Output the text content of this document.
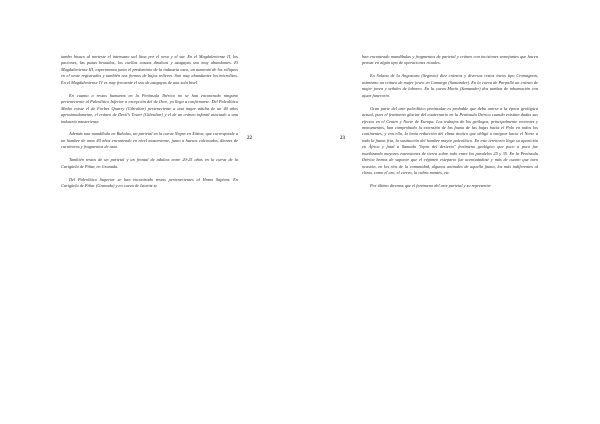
tambo bisaco al norteste el intensano ual litoa por el oeso y el sur. En el Magdaleniense II, los paciones, las puzas brotados, los cuellas casuas dindicas y azagayas son muy abundantes. El Magdaleniense III, experimenta junto el predominio de la industria osea, un aumento de los réliquos en el oeste registrados y también nos formos de bajos relieves. Son muy abundantes los microlitos. En el Magdaleniense IV es muy frecuente el uso de azagayas de una sola bisel.

En cuanto a restos humanos en la Península Ibérica no se han encontrado ninguno perteneciente al Paleolítico Inferior a excepción del de Orce, ya llega a confirmarse. Del Paleolítico Medio existe el de Forbes Quarry (Gibraltar) perteneciente a una mujer adulta de un 40 años aproximadamente, el cráneo de Devil's Tower (Gibraltar) y el de un cráneo infantil asociado a una industria musteriense.

Además una mandíbula en Bañolas, un parietal en la cueva Negra en Xátiva, que corresponde a un hombre de unos 40 años encontrado en nivel musteriense, junto a huesos calcinados, dientes de carnívoros y fragmentos de asta.

También restos de un parietal y un frontal de adultos entre 20-25 años en la cueva de la Carigüela de Piñar, en Granada.

Del Paleolítico Superior se han encontrado restos pertenecientes al Homo Sapiens. En Carigüela de Piñar (Granada) y en cueva de Isturitz se

22	23

han encontrado mandíbulas y fragmentos de parietal y cráneo con incisiones semejantes que hacen pensar en algún tipo de operaciones rituales.

En Solana de la Angostura (Segovia) diez cráneos y diversos restos óseos tipo Cromagnon, asimismo un cráneo de mujer joven en Camargo (Santander). En la cueva de Parpalló un cráneo de mujer joven y señales de laboreo. En la cueva Morín (Santander) dos tumbas de inhumación con ajuar funerario.

Gran parte del arte paleolítico peninsular es probable que deba unirse a la época geológica actual, pues el fenómeno glaciar del cuaternario en la Península Ibérica cuando existían dudas sus efectos en el Centro y Norte de Europa. Los trabajos de los geólogos, principalmente recientes y monumentos, han comprobado la extensión de las fauna de las bajas hacia el Polo en todos los continentes, y con ella, la lenta reducción del clima árctico que obligó a emigrar hacia el Norte a toda la fauna fría, la sustitución del hombre mayor paleolítico. En este territorio llega su aparición en África y fatal a llamada "lepra del desierto" fenómeno geológico que poco a poco fue inutilizando mayores extensiones de tierra sobre todo entre los paralelos 25 y 35. En la Península Ibérica hemos de suponer que el régimen estepario fue acentuándose y más de cuatro que tuvo ocasión, en los ríos de la comunidad, algunos animales de aquella fauna, los más indiferentes al clima, como el uro, el ciervo, la cabra montés, etc.

Por último diremos que el fenómeno del arte parietal y su representa-
